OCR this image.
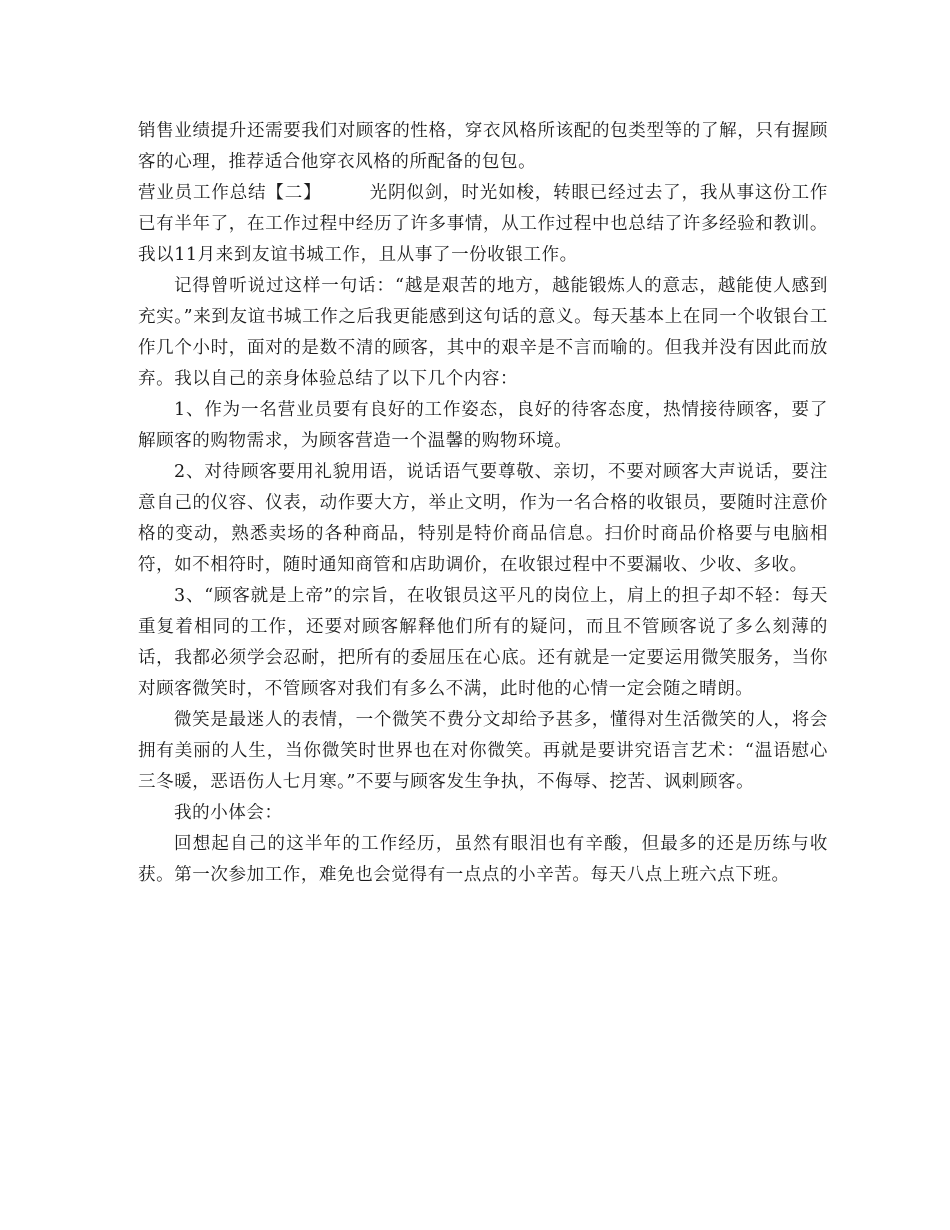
销售业绩提升还需要我们对顾客的性格，穿衣风格所该配的包类型等的了解，只有握顾客的心理，推荐适合他穿衣风格的所配备的包包。

营业员工作总结【二】	光阴似剑，时光如梭，转眼已经过去了，我从事这份工作已有半年了，在工作过程中经历了许多事情，从工作过程中也总结了许多经验和教训。我以11月来到友谊书城工作，且从事了一份收银工作。

记得曾听说过这样一句话：“越是艰苦的地方，越能锻炼人的意志，越能使人感到充实。”来到友谊书城工作之后我更能感到这句话的意义。每天基本上在同一个收银台工作几个小时，面对的是数不清的顾客，其中的艰辛是不言而喻的。但我并没有因此而放弃。我以自己的亲身体验总结了以下几个内容：

1、作为一名营业员要有良好的工作姿态，良好的待客态度，热情接待顾客，要了解顾客的购物需求，为顾客营造一个温馨的购物环境。

2、对待顾客要用礼貌用语，说话语气要尊敬、亲切，不要对顾客大声说话，要注意自己的仪容、仪表，动作要大方，举止文明，作为一名合格的收银员，要随时注意价格的变动，熟悉卖场的各种商品，特别是特价商品信息。扫价时商品价格要与电脑相符，如不相符时，随时通知商管和店助调价，在收银过程中不要漏收、少收、多收。

3、“顾客就是上帝”的宗旨，在收银员这平凡的岗位上，肩上的担子却不轻：每天重复着相同的工作，还要对顾客解释他们所有的疑问，而且不管顾客说了多么刻薄的话，我都必须学会忍耐，把所有的委屈压在心底。还有就是一定要运用微笑服务，当你对顾客微笑时，不管顾客对我们有多么不满，此时他的心情一定会随之晴朗。

微笑是最迷人的表情，一个微笑不费分文却给予甚多，懂得对生活微笑的人，将会拥有美丽的人生，当你微笑时世界也在对你微笑。再就是要讲究语言艺术：“温语慰心三冬暖，恶语伤人七月寒。”不要与顾客发生争执，不侮辱、挖苦、讽刺顾客。

我的小体会：

回想起自己的这半年的工作经历，虽然有眼泪也有辛酸，但最多的还是历练与收获。第一次参加工作，难免也会觉得有一点点的小辛苦。每天八点上班六点下班。
